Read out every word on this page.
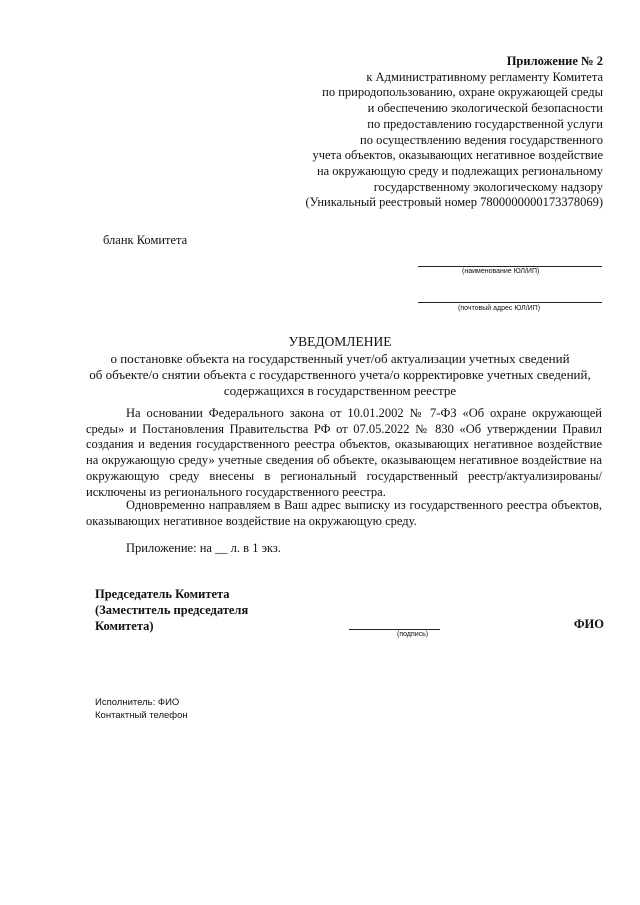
Приложение № 2
к Административному регламенту Комитета
по природопользованию, охране окружающей среды
и обеспечению экологической безопасности
по предоставлению государственной услуги
по осуществлению ведения государственного
учета объектов, оказывающих негативное воздействие
на окружающую среду и подлежащих региональному
государственному экологическому надзору
(Уникальный реестровый номер 7800000000173378069)
бланк Комитета
(наименование ЮЛ/ИП)
(почтовый адрес ЮЛ/ИП)
УВЕДОМЛЕНИЕ
о постановке объекта на государственный учет/об актуализации учетных сведений
об объекте/о снятии объекта с государственного учета/о корректировке учетных сведений,
содержащихся в государственном реестре
На основании Федерального закона от 10.01.2002 № 7-ФЗ «Об охране окружающей среды» и Постановления Правительства РФ от 07.05.2022 № 830 «Об утверждении Правил создания и ведения государственного реестра объектов, оказывающих негативное воздействие на окружающую среду» учетные сведения об объекте, оказывающем негативное воздействие на окружающую среду внесены в региональный государственный реестр/актуализированы/исключены из регионального государственного реестра.
Одновременно направляем в Ваш адрес выписку из государственного реестра объектов, оказывающих негативное воздействие на окружающую среду.
Приложение: на __ л. в 1 экз.
Председатель Комитета
(Заместитель председателя
Комитета)
(подпись)
ФИО
Исполнитель: ФИО
Контактный телефон
